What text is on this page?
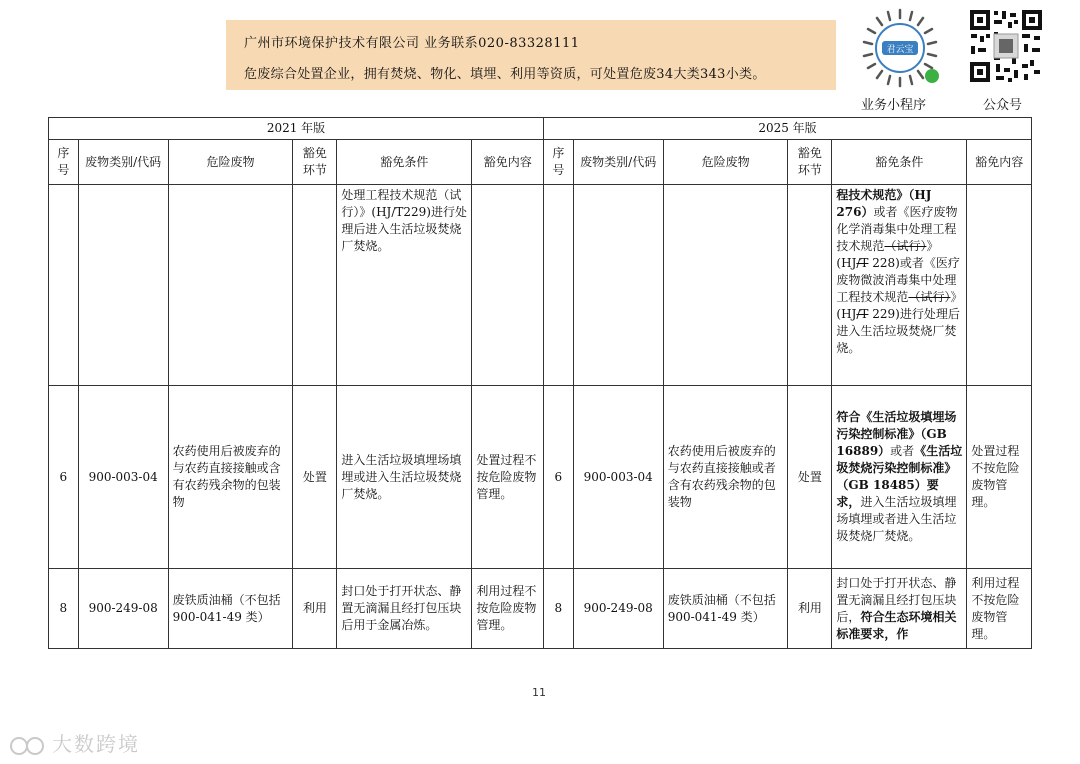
广州市环境保护技术有限公司 业务联系020-83328111
危废综合处置企业，拥有焚烧、物化、填埋、利用等资质，可处置危废34大类343小类。
君云宝
业务小程序	公众号
2021 年版						2025 年版					
序号	废物类别/代码	危险废物	豁免环节	豁免条件	豁免内容	序号	废物类别/代码	危险废物	豁免环节	豁免条件	豁免内容
				处理工程技术规范（试行）》(HJ/T229)进行处理后进入生活垃圾焚烧厂焚烧。						程技术规范》（HJ 276）或者《医疗废物化学消毒集中处理工程技术规范（试行）》(HJ/T 228)或者《医疗废物微波消毒集中处理工程技术规范（试行）》(HJ/T 229)进行处理后进入生活垃圾焚烧厂焚烧。	
6	900-003-04	农药使用后被废弃的与农药直接接触或含有农药残余物的包装物	处置	进入生活垃圾填埋场填埋或进入生活垃圾焚烧厂焚烧。	处置过程不按危险废物管理。	6	900-003-04	农药使用后被废弃的与农药直接接触或者含有农药残余物的包装物	处置	符合《生活垃圾填埋场污染控制标准》（GB 16889）或者《生活垃圾焚烧污染控制标准》（GB 18485）要求，进入生活垃圾填埋场填埋或者进入生活垃圾焚烧厂焚烧。	处置过程不按危险废物管理。
8	900-249-08	废铁质油桶（不包括 900-041-49 类）	利用	封口处于打开状态、静置无滴漏且经打包压块后用于金属冶炼。	利用过程不按危险废物管理。	8	900-249-08	废铁质油桶（不包括 900-041-49 类）	利用	封口处于打开状态、静置无滴漏且经打包压块后，符合生态环境相关标准要求，作	利用过程不按危险废物管理。
11
大数跨境
